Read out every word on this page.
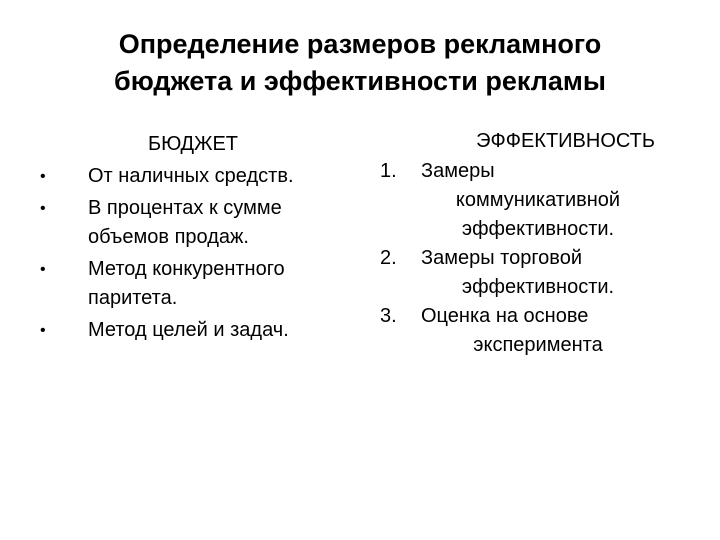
Определение размеров рекламного
бюджета и эффективности рекламы
БЮДЖЕТ
• От наличных средств.
• В процентах к сумме
объемов продаж.
• Метод конкурентного
паритета.
• Метод целей и задач.
ЭФФЕКТИВНОСТЬ
1. Замеры
коммуникативной
эффективности.
2. Замеры торговой
эффективности.
3. Оценка на основе
эксперимента
